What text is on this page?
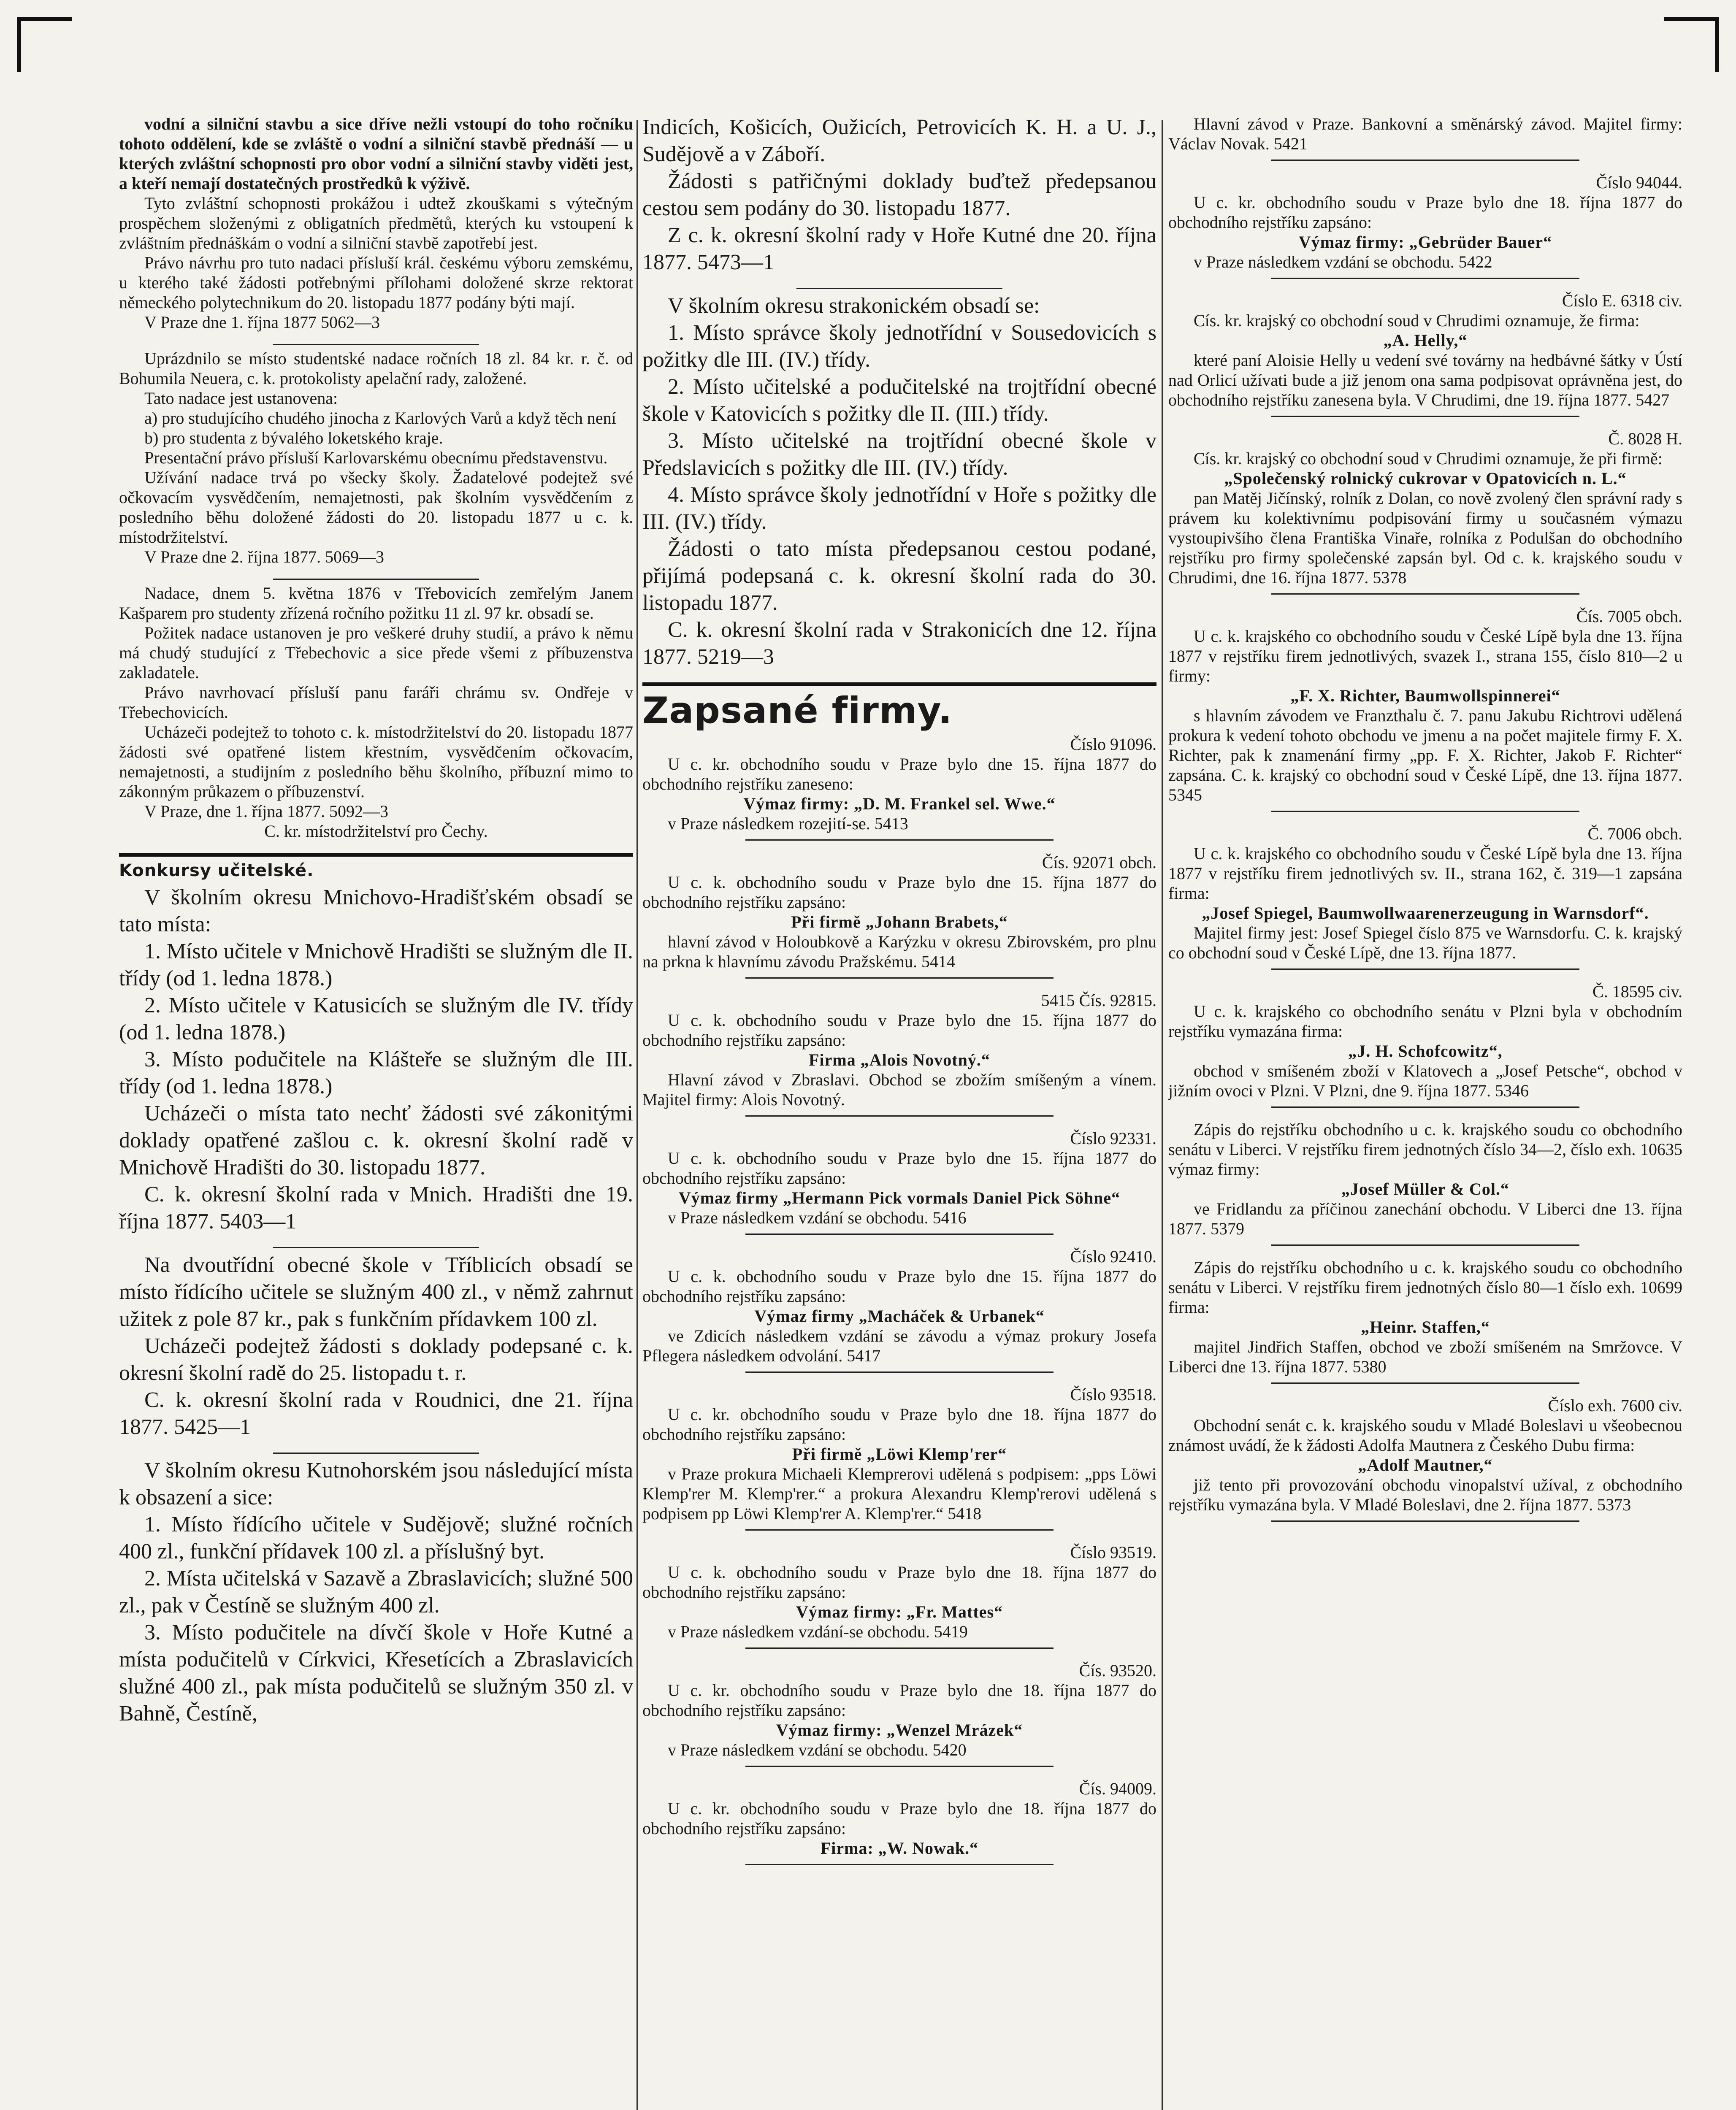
vodní a silniční stavbu a sice dříve nežli vstoupí do toho ročníku tohoto oddělení, kde se zvláště o vodní a silniční stavbě přednáší — u kterých zvláštní schopnosti pro obor vodní a silniční stavby viděti jest, a kteří nemají dostatečných prostředků k výživě.

Tyto zvláštní schopnosti prokážou i udtež zkouškami s výtečným prospěchem složenými z obligatních předmětů, kterých ku vstoupení k zvláštním přednáškám o vodní a silniční stavbě zapotřebí jest.

Právo návrhu pro tuto nadaci přísluší král. českému výboru zemskému, u kterého také žádosti potřebnými přílohami doložené skrze rektorat německého polytechnikum do 20. listopadu 1877 podány býti mají.

V Praze dne 1. října 1877 5062—3

Uprázdnilo se místo studentské nadace ročních 18 zl. 84 kr. r. č. od Bohumila Neuera, c. k. protokolisty apelační rady, založené.

Tato nadace jest ustanovena:

a) pro studujícího chudého jinocha z Karlových Varů a když těch není

b) pro studenta z bývalého loketského kraje.

Presentační právo přísluší Karlovarskému obecnímu představenstvu.

Užívání nadace trvá po všecky školy. Žadatelové podejtež své očkovacím vysvědčením, nemajetnosti, pak školním vysvědčením z posledního běhu doložené žádosti do 20. listopadu 1877 u c. k. místodržitelství.

V Praze dne 2. října 1877. 5069—3

Nadace, dnem 5. května 1876 v Třebovicích zemřelým Janem Kašparem pro studenty zřízená ročního požitku 11 zl. 97 kr. obsadí se.

Požitek nadace ustanoven je pro veškeré druhy studií, a právo k němu má chudý studující z Třebechovic a sice přede všemi z příbuzenstva zakladatele.

Právo navrhovací přísluší panu faráři chrámu sv. Ondřeje v Třebechovicích.

Ucházeči podejtež to tohoto c. k. místodržitelství do 20. listopadu 1877 žádosti své opatřené listem křestním, vysvědčením očkovacím, nemajetnosti, a studijním z posledního běhu školního, příbuzní mimo to zákonným průkazem o příbuzenství.

V Praze, dne 1. října 1877. 5092—3

C. kr. místodržitelství pro Čechy.

Konkursy učitelské.

V školním okresu Mnichovo-Hradišťském obsadí se tato místa:

1. Místo učitele v Mnichově Hradišti se služným dle II. třídy (od 1. ledna 1878.)

2. Místo učitele v Katusicích se služným dle IV. třídy (od 1. ledna 1878.)

3. Místo podučitele na Klášteře se služným dle III. třídy (od 1. ledna 1878.)

Ucházeči o místa tato nechť žádosti své zákonitými doklady opatřené zašlou c. k. okresní školní radě v Mnichově Hradišti do 30. listopadu 1877.

C. k. okresní školní rada v Mnich. Hradišti dne 19. října 1877. 5403—1

Na dvoutřídní obecné škole v Tříblicích obsadí se místo řídícího učitele se služným 400 zl., v němž zahrnut užitek z pole 87 kr., pak s funkčním přídavkem 100 zl.

Ucházeči podejtež žádosti s doklady podepsané c. k. okresní školní radě do 25. listopadu t. r.

C. k. okresní školní rada v Roudnici, dne 21. října 1877. 5425—1

V školním okresu Kutnohorském jsou následující místa k obsazení a sice:

1. Místo řídícího učitele v Sudějově; služné ročních 400 zl., funkční přídavek 100 zl. a příslušný byt.

2. Místa učitelská v Sazavě a Zbraslavicích; služné 500 zl., pak v Čestíně se služným 400 zl.

3. Místo podučitele na dívčí škole v Hoře Kutné a místa podučitelů v Církvici, Křesetících a Zbraslavicích služné 400 zl., pak místa podučitelů se služným 350 zl. v Bahně, Čestíně,

Indicích, Košicích, Oužicích, Petrovicích K. H. a U. J., Sudějově a v Záboří.

Žádosti s patřičnými doklady buďtež předepsanou cestou sem podány do 30. listopadu 1877.

Z c. k. okresní školní rady v Hoře Kutné dne 20. října 1877. 5473—1

V školním okresu strakonickém obsadí se:

1. Místo správce školy jednotřídní v Sousedovicích s požitky dle III. (IV.) třídy.

2. Místo učitelské a podučitelské na trojtřídní obecné škole v Katovicích s požitky dle II. (III.) třídy.

3. Místo učitelské na trojtřídní obecné škole v Předslavicích s požitky dle III. (IV.) třídy.

4. Místo správce školy jednotřídní v Hoře s požitky dle III. (IV.) třídy.

Žádosti o tato místa předepsanou cestou podané, přijímá podepsaná c. k. okresní školní rada do 30. listopadu 1877.

C. k. okresní školní rada v Strakonicích dne 12. října 1877. 5219—3

Zapsané firmy.

Číslo 91096.

U c. kr. obchodního soudu v Praze bylo dne 15. října 1877 do obchodního rejstříku zaneseno:

Výmaz firmy: „D. M. Frankel sel. Wwe.“

v Praze následkem rozejití-se. 5413

Čís. 92071 obch.

U c. k. obchodního soudu v Praze bylo dne 15. října 1877 do obchodního rejstříku zapsáno:

Při firmě „Johann Brabets,“

hlavní závod v Holoubkově a Karýzku v okresu Zbirovském, pro plnu na prkna k hlavnímu závodu Pražskému. 5414

5415 Čís. 92815.

U c. k. obchodního soudu v Praze bylo dne 15. října 1877 do obchodního rejstříku zapsáno:

Firma „Alois Novotný.“

Hlavní závod v Zbraslavi. Obchod se zbožím smíšeným a vínem. Majitel firmy: Alois Novotný.

Číslo 92331.

U c. k. obchodního soudu v Praze bylo dne 15. října 1877 do obchodního rejstříku zapsáno:

Výmaz firmy „Hermann Pick vormals Daniel Pick Söhne“

v Praze následkem vzdání se obchodu. 5416

Číslo 92410.

U c. k. obchodního soudu v Praze bylo dne 15. října 1877 do obchodního rejstříku zapsáno:

Výmaz firmy „Macháček & Urbanek“

ve Zdicích následkem vzdání se závodu a výmaz prokury Josefa Pflegera následkem odvolání. 5417

Číslo 93518.

U c. kr. obchodního soudu v Praze bylo dne 18. října 1877 do obchodního rejstříku zapsáno:

Při firmě „Löwi Klemp'rer“

v Praze prokura Michaeli Klemprerovi udělená s podpisem: „pps Löwi Klemp'rer M. Klemp'rer.“ a prokura Alexandru Klemp'rerovi udělená s podpisem pp Löwi Klemp'rer A. Klemp'rer.“ 5418

Číslo 93519.

U c. k. obchodního soudu v Praze bylo dne 18. října 1877 do obchodního rejstříku zapsáno:

Výmaz firmy: „Fr. Mattes“

v Praze následkem vzdání-se obchodu. 5419

Čís. 93520.

U c. kr. obchodního soudu v Praze bylo dne 18. října 1877 do obchodního rejstříku zapsáno:

Výmaz firmy: „Wenzel Mrázek“

v Praze následkem vzdání se obchodu. 5420

Čís. 94009.

U c. kr. obchodního soudu v Praze bylo dne 18. října 1877 do obchodního rejstříku zapsáno:

Firma: „W. Nowak.“

Hlavní závod v Praze. Bankovní a směnárský závod. Majitel firmy: Václav Novak. 5421

Číslo 94044.

U c. kr. obchodního soudu v Praze bylo dne 18. října 1877 do obchodního rejstříku zapsáno:

Výmaz firmy: „Gebrüder Bauer“

v Praze následkem vzdání se obchodu. 5422

Číslo E. 6318 civ.

Cís. kr. krajský co obchodní soud v Chrudimi oznamuje, že firma:

„A. Helly,“

které paní Aloisie Helly u vedení své továrny na hedbávné šátky v Ústí nad Orlicí užívati bude a již jenom ona sama podpisovat oprávněna jest, do obchodního rejstříku zanesena byla. V Chrudimi, dne 19. října 1877. 5427

Č. 8028 H.

Cís. kr. krajský co obchodní soud v Chrudimi oznamuje, že při firmě:

„Společenský rolnický cukrovar v Opatovicích n. L.“

pan Matěj Jičínský, rolník z Dolan, co nově zvolený člen správní rady s právem ku kolektivnímu podpisování firmy u současném výmazu vystoupivšího člena Františka Vinaře, rolníka z Podulšan do obchodního rejstříku pro firmy společenské zapsán byl. Od c. k. krajského soudu v Chrudimi, dne 16. října 1877. 5378

Čís. 7005 obch.

U c. k. krajského co obchodního soudu v České Lípě byla dne 13. října 1877 v rejstříku firem jednotlivých, svazek I., strana 155, číslo 810—2 u firmy:

„F. X. Richter, Baumwollspinnerei“

s hlavním závodem ve Franzthalu č. 7. panu Jakubu Richtrovi udělená prokura k vedení tohoto obchodu ve jmenu a na počet majitele firmy F. X. Richter, pak k znamenání firmy „pp. F. X. Richter, Jakob F. Richter“ zapsána. C. k. krajský co obchodní soud v České Lípě, dne 13. října 1877. 5345

Č. 7006 obch.

U c. k. krajského co obchodního soudu v České Lípě byla dne 13. října 1877 v rejstříku firem jednotlivých sv. II., strana 162, č. 319—1 zapsána firma:

„Josef Spiegel, Baumwollwaarenerzeugung in Warnsdorf“.

Majitel firmy jest: Josef Spiegel číslo 875 ve Warnsdorfu. C. k. krajský co obchodní soud v České Lípě, dne 13. října 1877.

Č. 18595 civ.

U c. k. krajského co obchodního senátu v Plzni byla v obchodním rejstříku vymazána firma:

„J. H. Schofcowitz“,

obchod v smíšeném zboží v Klatovech a „Josef Petsche“, obchod v jižním ovoci v Plzni. V Plzni, dne 9. října 1877. 5346

Zápis do rejstříku obchodního u c. k. krajského soudu co obchodního senátu v Liberci. V rejstříku firem jednotných číslo 34—2, číslo exh. 10635 výmaz firmy:

„Josef Müller & Col.“

ve Fridlandu za příčinou zanechání obchodu. V Liberci dne 13. října 1877. 5379

Zápis do rejstříku obchodního u c. k. krajského soudu co obchodního senátu v Liberci. V rejstříku firem jednotných číslo 80—1 číslo exh. 10699 firma:

„Heinr. Staffen,“

majitel Jindřich Staffen, obchod ve zboží smíšeném na Smržovce. V Liberci dne 13. října 1877. 5380

Číslo exh. 7600 civ.

Obchodní senát c. k. krajského soudu v Mladé Boleslavi u všeobecnou známost uvádí, že k žádosti Adolfa Mautnera z Českého Dubu firma:

„Adolf Mautner,“

již tento při provozování obchodu vinopalství užíval, z obchodního rejstříku vymazána byla. V Mladé Boleslavi, dne 2. října 1877. 5373
